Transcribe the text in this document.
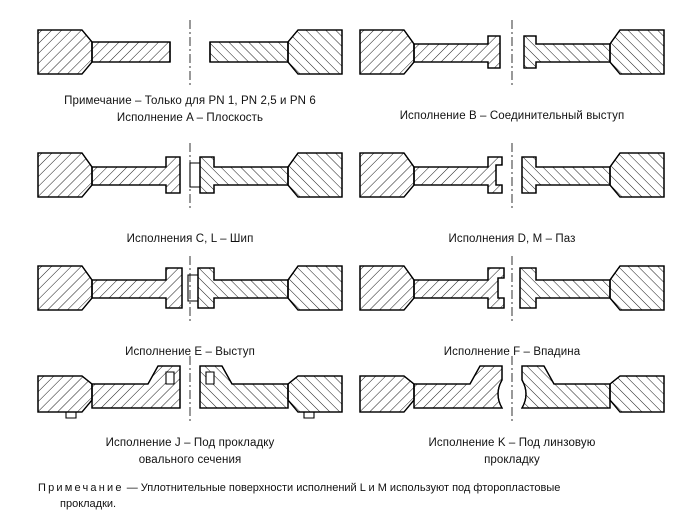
Примечание – Только для PN 1, PN 2,5 и PN 6
Исполнение A – Плоскость	Исполнение B – Соединительный выступ
Исполнения C, L – Шип	Исполнения D, M – Паз
Исполнение E – Выступ	Исполнение F – Впадина
Исполнение J – Под прокладку
овального сечения
Исполнение K – Под линзовую
прокладку
Примечание — Уплотнительные поверхности исполнений L и M используют под фторопластовые
прокладки.
